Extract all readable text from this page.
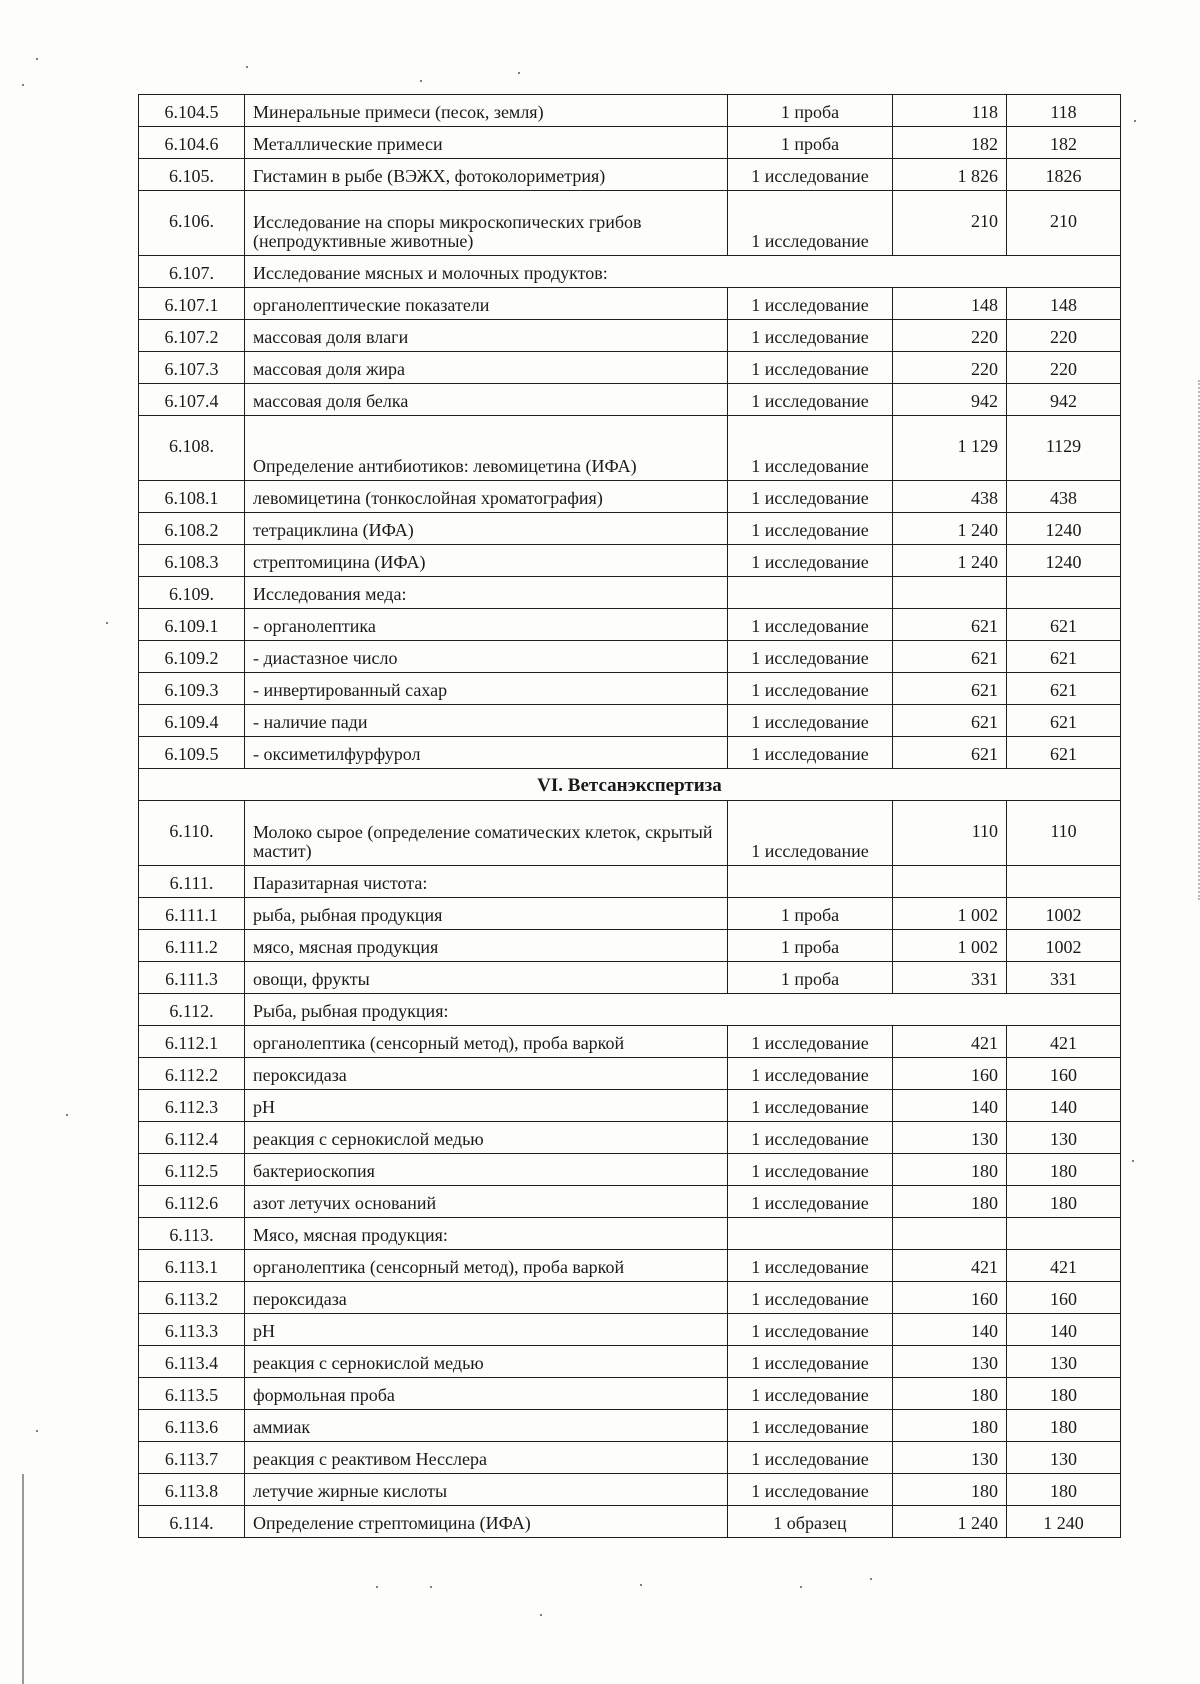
6.104.5	Минеральные примеси (песок, земля)	1 проба	118	118
6.104.6	Металлические примеси	1 проба	182	182
6.105.	Гистамин в рыбе (ВЭЖХ, фотоколориметрия)	1 исследование	1 826	1826
6.106.	Исследование на споры микроскопических грибов (непродуктивные животные)	1 исследование	210	210
6.107.	Исследование мясных и молочных продуктов:			
6.107.1	органолептические показатели	1 исследование	148	148
6.107.2	массовая доля влаги	1 исследование	220	220
6.107.3	массовая доля жира	1 исследование	220	220
6.107.4	массовая доля белка	1 исследование	942	942
6.108.	Определение антибиотиков: левомицетина (ИФА)	1 исследование	1 129	1129
6.108.1	левомицетина (тонкослойная хроматография)	1 исследование	438	438
6.108.2	тетрациклина (ИФА)	1 исследование	1 240	1240
6.108.3	стрептомицина (ИФА)	1 исследование	1 240	1240
6.109.	Исследования меда:			
6.109.1	- органолептика	1 исследование	621	621
6.109.2	- диастазное число	1 исследование	621	621
6.109.3	- инвертированный сахар	1 исследование	621	621
6.109.4	- наличие пади	1 исследование	621	621
6.109.5	- оксиметилфурфурол	1 исследование	621	621
VI. Ветсанэкспертиза				
6.110.	Молоко сырое (определение соматических клеток, скрытый мастит)	1 исследование	110	110
6.111.	Паразитарная чистота:			
6.111.1	рыба, рыбная продукция	1 проба	1 002	1002
6.111.2	мясо, мясная продукция	1 проба	1 002	1002
6.111.3	овощи, фрукты	1 проба	331	331
6.112.	Рыба, рыбная продукция:			
6.112.1	органолептика (сенсорный метод), проба варкой	1 исследование	421	421
6.112.2	пероксидаза	1 исследование	160	160
6.112.3	pH	1 исследование	140	140
6.112.4	реакция с сернокислой медью	1 исследование	130	130
6.112.5	бактериоскопия	1 исследование	180	180
6.112.6	азот летучих оснований	1 исследование	180	180
6.113.	Мясо, мясная продукция:			
6.113.1	органолептика (сенсорный метод), проба варкой	1 исследование	421	421
6.113.2	пероксидаза	1 исследование	160	160
6.113.3	pH	1 исследование	140	140
6.113.4	реакция с сернокислой медью	1 исследование	130	130
6.113.5	формольная проба	1 исследование	180	180
6.113.6	аммиак	1 исследование	180	180
6.113.7	реакция с реактивом Несслера	1 исследование	130	130
6.113.8	летучие жирные кислоты	1 исследование	180	180
6.114.	Определение стрептомицина (ИФА)	1 образец	1 240	1 240
